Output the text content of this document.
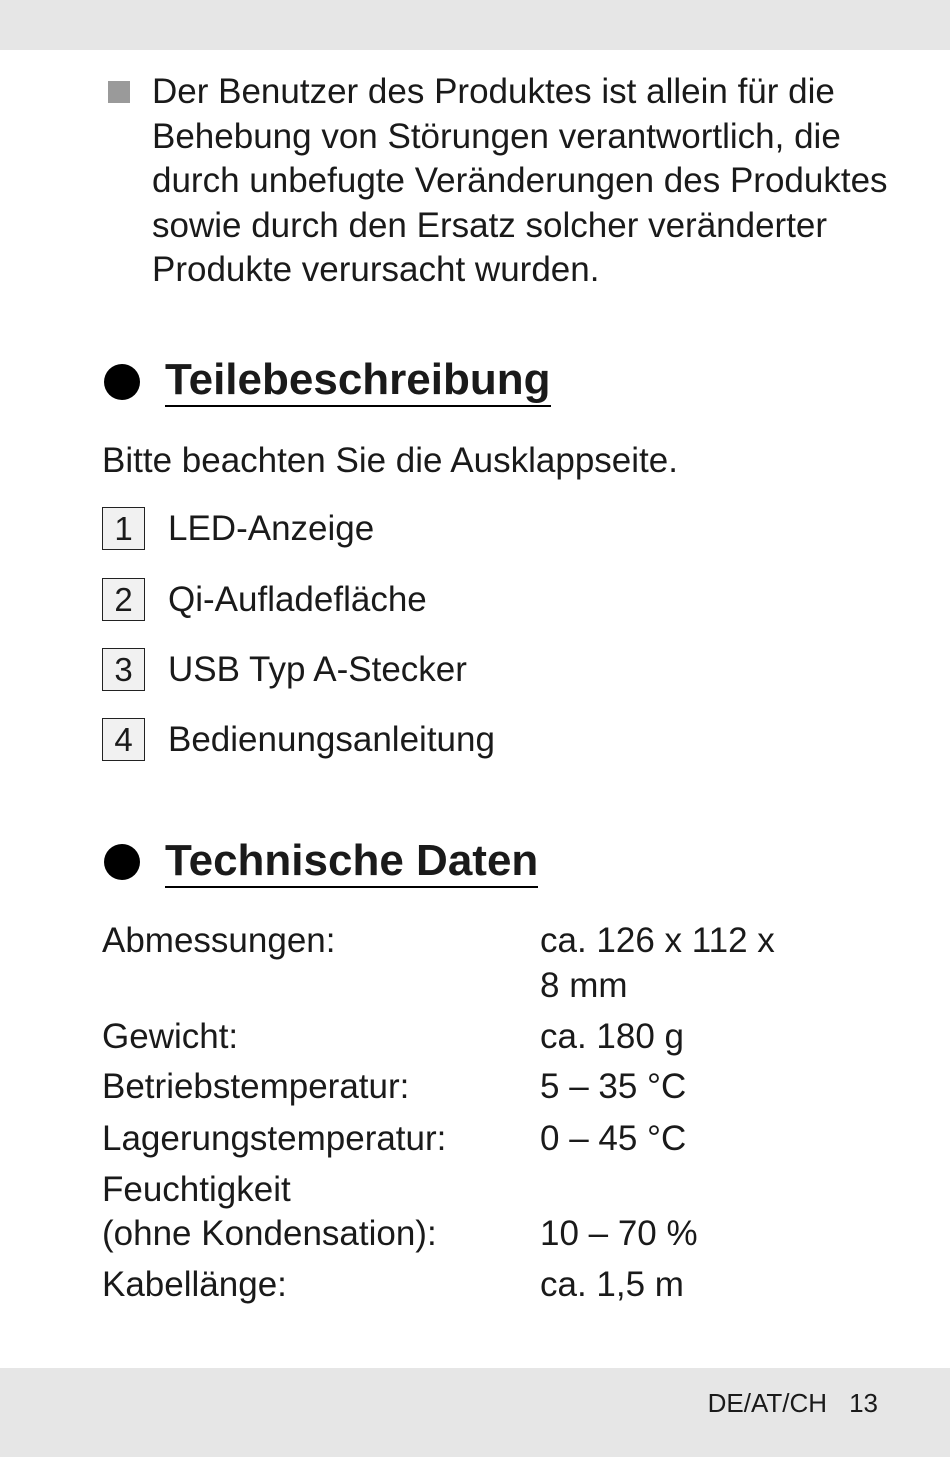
Der Benutzer des Produktes ist allein für die Behebung von Störungen verantwortlich, die durch unbefugte Veränderungen des Produktes sowie durch den Ersatz solcher veränderter Produkte verursacht wurden.
Teilebeschreibung
Bitte beachten Sie die Ausklappseite.
1	LED-Anzeige
2	Qi-Aufladefläche
3	USB Typ A-Stecker
4	Bedienungsanleitung
Technische Daten
Abmessungen:	ca. 126 x 112 x
8 mm
Gewicht:	ca. 180 g
Betriebstemperatur:	5 – 35 °C
Lagerungstemperatur:	0 – 45 °C
Feuchtigkeit
(ohne Kondensation):	10 – 70 %
Kabellänge:	ca. 1,5 m
DE/AT/CH 13
